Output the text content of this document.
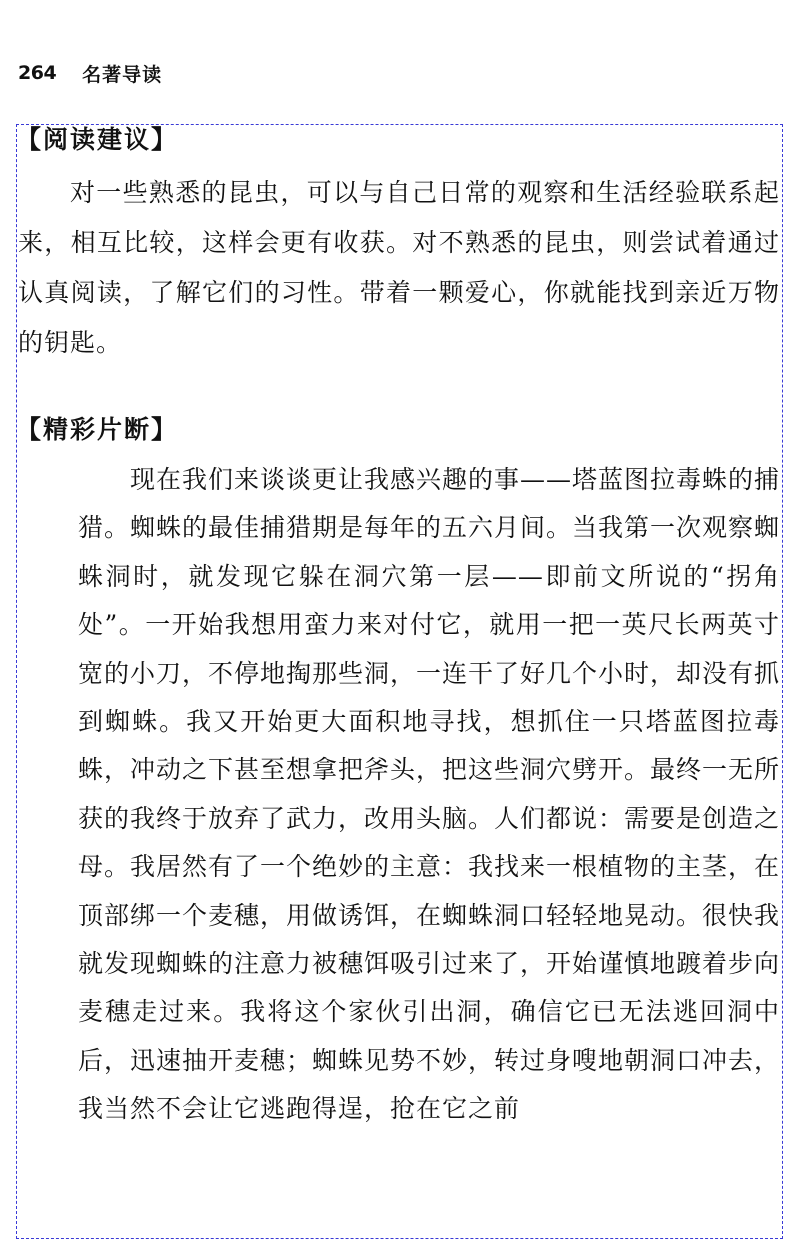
264 名著导读
【阅读建议】

对一些熟悉的昆虫，可以与自己日常的观察和生活经验联系起来，相互比较，这样会更有收获。对不熟悉的昆虫，则尝试着通过认真阅读，了解它们的习性。带着一颗爱心，你就能找到亲近万物的钥匙。

【精彩片断】

现在我们来谈谈更让我感兴趣的事——塔蓝图拉毒蛛的捕猎。蜘蛛的最佳捕猎期是每年的五六月间。当我第一次观察蜘蛛洞时，就发现它躲在洞穴第一层——即前文所说的“拐角处”。一开始我想用蛮力来对付它，就用一把一英尺长两英寸宽的小刀，不停地掏那些洞，一连干了好几个小时，却没有抓到蜘蛛。我又开始更大面积地寻找，想抓住一只塔蓝图拉毒蛛，冲动之下甚至想拿把斧头，把这些洞穴劈开。最终一无所获的我终于放弃了武力，改用头脑。人们都说：需要是创造之母。我居然有了一个绝妙的主意：我找来一根植物的主茎，在顶部绑一个麦穗，用做诱饵，在蜘蛛洞口轻轻地晃动。很快我就发现蜘蛛的注意力被穗饵吸引过来了，开始谨慎地踱着步向麦穗走过来。我将这个家伙引出洞，确信它已无法逃回洞中后，迅速抽开麦穗；蜘蛛见势不妙，转过身嗖地朝洞口冲去，我当然不会让它逃跑得逞，抢在它之前
